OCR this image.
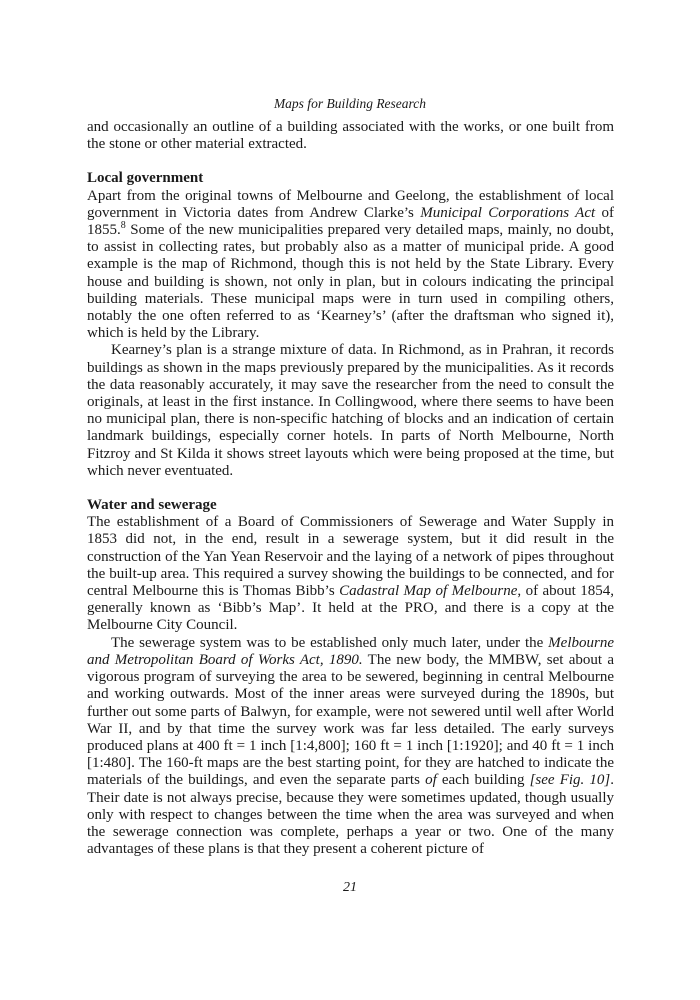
Maps for Building Research

and occasionally an outline of a building associated with the works, or one built from the stone or other material extracted.

Local government

Apart from the original towns of Melbourne and Geelong, the establishment of local government in Victoria dates from Andrew Clarke’s Municipal Corporations Act of 1855.$^8$ Some of the new municipalities prepared very detailed maps, mainly, no doubt, to assist in collecting rates, but probably also as a matter of municipal pride. A good example is the map of Richmond, though this is not held by the State Library. Every house and building is shown, not only in plan, but in colours indicating the principal building materials. These municipal maps were in turn used in compiling others, notably the one often referred to as ‘Kearney’s’ (after the draftsman who signed it), which is held by the Library.

Kearney’s plan is a strange mixture of data. In Richmond, as in Prahran, it records buildings as shown in the maps previously prepared by the municipalities. As it records the data reasonably accurately, it may save the researcher from the need to consult the originals, at least in the first instance. In Collingwood, where there seems to have been no municipal plan, there is non-specific hatching of blocks and an indication of certain landmark buildings, especially corner hotels. In parts of North Melbourne, North Fitzroy and St Kilda it shows street layouts which were being proposed at the time, but which never eventuated.

Water and sewerage

The establishment of a Board of Commissioners of Sewerage and Water Supply in 1853 did not, in the end, result in a sewerage system, but it did result in the construction of the Yan Yean Reservoir and the laying of a network of pipes throughout the built-up area. This required a survey showing the buildings to be connected, and for central Melbourne this is Thomas Bibb’s Cadastral Map of Melbourne, of about 1854, generally known as ‘Bibb’s Map’. It held at the PRO, and there is a copy at the Melbourne City Council.

The sewerage system was to be established only much later, under the Melbourne and Metropolitan Board of Works Act, 1890. The new body, the MMBW, set about a vigorous program of surveying the area to be sewered, beginning in central Melbourne and working outwards. Most of the inner areas were surveyed during the 1890s, but further out some parts of Balwyn, for example, were not sewered until well after World War II, and by that time the survey work was far less detailed. The early surveys produced plans at 400 ft = 1 inch [1:4,800]; 160 ft = 1 inch [1:1920]; and 40 ft = 1 inch [1:480]. The 160-ft maps are the best starting point, for they are hatched to indicate the materials of the buildings, and even the separate parts of each building [see Fig. 10]. Their date is not always precise, because they were sometimes updated, though usually only with respect to changes between the time when the area was surveyed and when the sewerage connection was complete, perhaps a year or two. One of the many advantages of these plans is that they present a coherent picture of

21
